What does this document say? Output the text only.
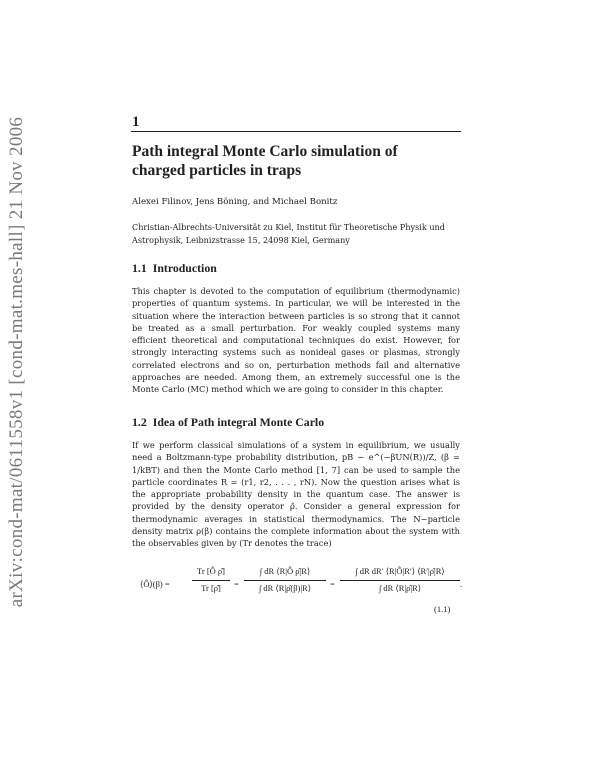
arXiv:cond-mat/0611558v1 [cond-mat.mes-hall] 21 Nov 2006	1
Path integral Monte Carlo simulation of charged particles in traps
Alexei Filinov, Jens Böning, and Michael Bonitz
Christian-Albrechts-Universität zu Kiel, Institut für Theoretische Physik und Astrophysik, Leibnizstrasse 15, 24098 Kiel, Germany
1.1 Introduction

This chapter is devoted to the computation of equilibrium (thermodynamic) properties of quantum systems. In particular, we will be interested in the situation where the interaction between particles is so strong that it cannot be treated as a small perturbation. For weakly coupled systems many efficient theoretical and computational techniques do exist. However, for strongly interacting systems such as nonideal gases or plasmas, strongly correlated electrons and so on, perturbation methods fail and alternative approaches are needed. Among them, an extremely successful one is the Monte Carlo (MC) method which we are going to consider in this chapter.

1.2 Idea of Path integral Monte Carlo

If we perform classical simulations of a system in equilibrium, we usually need a Boltzmann-type probability distribution, pB ∼ e^(−βUN(R))/Z, (β = 1/kBT) and then the Monte Carlo method [1, 7] can be used to sample the particle coordinates R = (r1, r2, . . . , rN). Now the question arises what is the appropriate probability density in the quantum case. The answer is provided by the density operator ρ̂. Consider a general expression for thermodynamic averages in statistical thermodynamics. The N−particle density matrix ρ(β) contains the complete information about the system with the observables given by (Tr denotes the trace)

⟨Ô⟩(β) =
Tr [Ô ρ̂]
Tr [ρ̂]	=
∫ dR ⟨R|Ô ρ̂|R⟩
∫ dR ⟨R|ρ̂(β)|R⟩	=
∫ dR dR′ ⟨R|Ô|R′⟩ ⟨R′|ρ̂|R⟩
∫ dR ⟨R|ρ̂|R⟩	.
(1.1)
